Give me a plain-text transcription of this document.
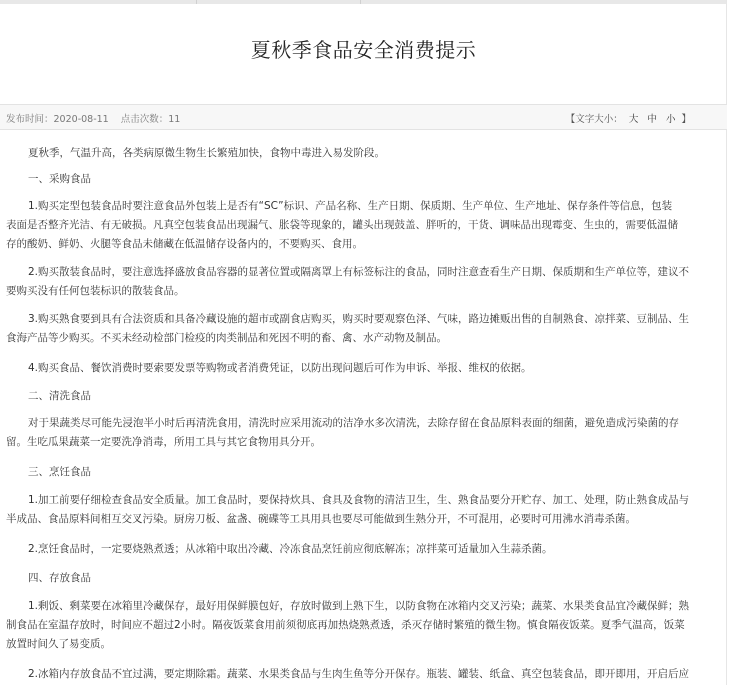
夏秋季食品安全消费提示
发布时间：2020-08-11 点击次数：11	【文字大小： 大 中 小 】

夏秋季，气温升高，各类病原微生物生长繁殖加快，食物中毒进入易发阶段。

一、采购食品

1.购买定型包装食品时要注意食品外包装上是否有“SC”标识、产品名称、生产日期、保质期、生产单位、生产地址、保存条件等信息，包装

表面是否整齐光洁、有无破损。凡真空包装食品出现漏气、胀袋等现象的，罐头出现鼓盖、胖听的，干货、调味品出现霉变、生虫的，需要低温储

存的酸奶、鲜奶、火腿等食品未储藏在低温储存设备内的，不要购买、食用。

2.购买散装食品时，要注意选择盛放食品容器的显著位置或隔离罩上有标签标注的食品，同时注意查看生产日期、保质期和生产单位等，建议不

要购买没有任何包装标识的散装食品。

3.购买熟食要到具有合法资质和具备冷藏设施的超市或副食店购买，购买时要观察色泽、气味，路边摊贩出售的自制熟食、凉拌菜、豆制品、生

食海产品等少购买。不买未经动检部门检疫的肉类制品和死因不明的畜、禽、水产动物及制品。

4.购买食品、餐饮消费时要索要发票等购物或者消费凭证，以防出现问题后可作为申诉、举报、维权的依据。

二、清洗食品

对于果蔬类尽可能先浸泡半小时后再清洗食用，清洗时应采用流动的洁净水多次清洗，去除存留在食品原料表面的细菌，避免造成污染菌的存

留。生吃瓜果蔬菜一定要洗净消毒，所用工具与其它食物用具分开。

三、烹饪食品

1.加工前要仔细检查食品安全质量。加工食品时，要保持炊具、食具及食物的清洁卫生，生、熟食品要分开贮存、加工、处理，防止熟食成品与

半成品、食品原料间相互交叉污染。厨房刀板、盆盏、碗碟等工具用具也要尽可能做到生熟分开，不可混用，必要时可用沸水消毒杀菌。

2.烹饪食品时，一定要烧熟煮透；从冰箱中取出冷藏、冷冻食品烹饪前应彻底解冻；凉拌菜可适量加入生蒜杀菌。

四、存放食品

1.剩饭、剩菜要在冰箱里冷藏保存，最好用保鲜膜包好，存放时做到上熟下生，以防食物在冰箱内交叉污染；蔬菜、水果类食品宜冷藏保鲜；熟

制食品在室温存放时，时间应不超过2小时。隔夜饭菜食用前须彻底再加热烧熟煮透，杀灭存储时繁殖的微生物。慎食隔夜饭菜。夏季气温高，饭菜

放置时间久了易变质。

2.冰箱内存放食品不宜过满，要定期除霜。蔬菜、水果类食品与生肉生鱼等分开保存。瓶装、罐装、纸盒、真空包装食品，即开即用，开启后应
